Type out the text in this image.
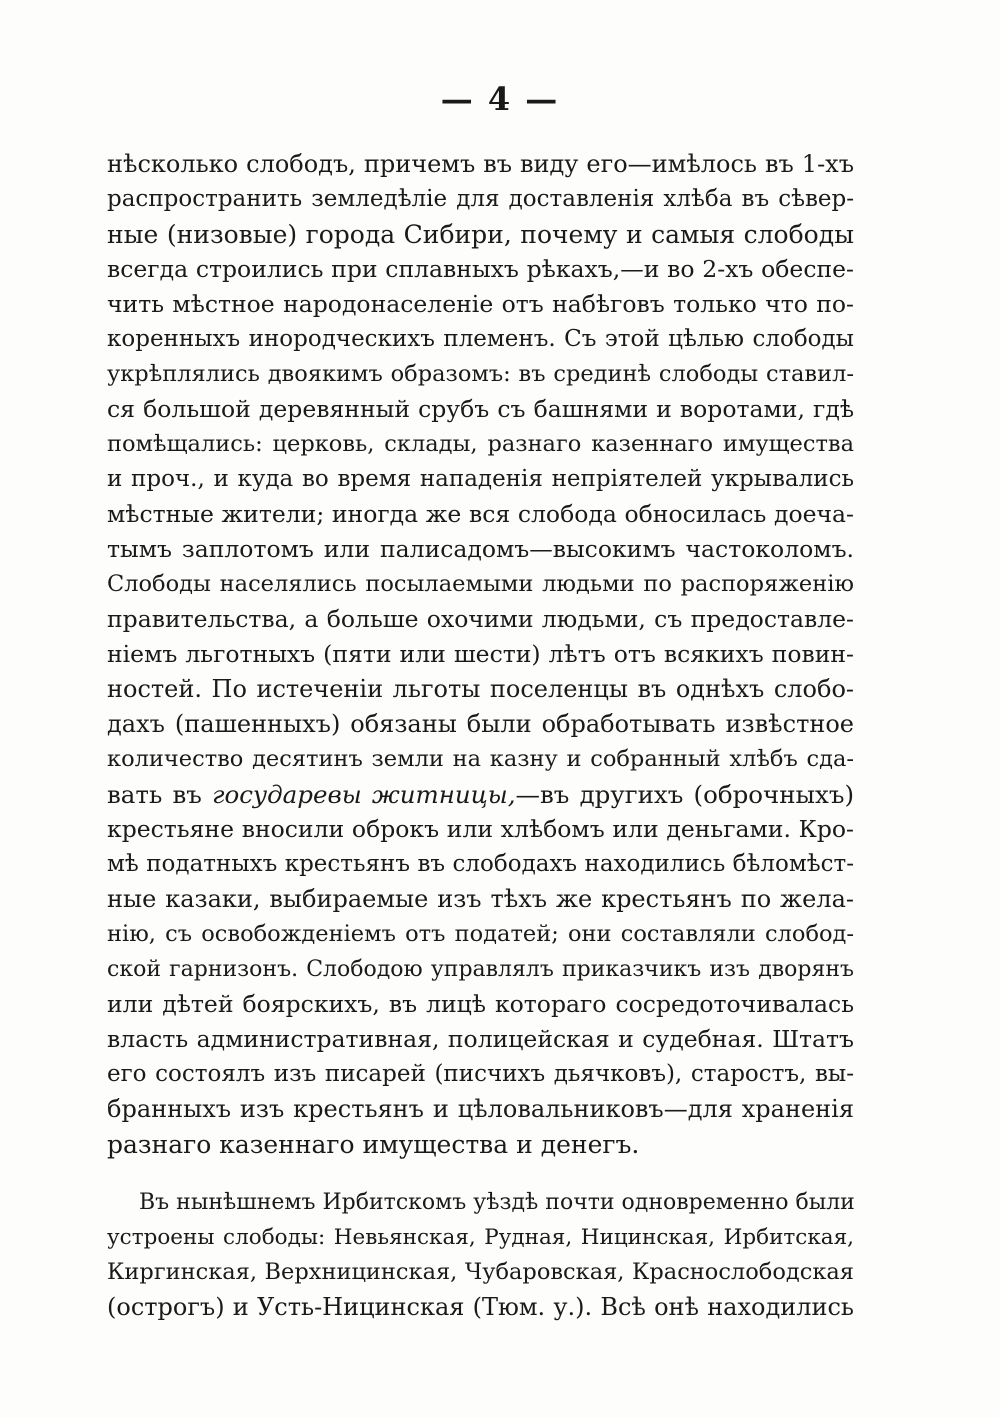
— 4 —
нѣсколько слободъ, причемъ въ виду его—имѣлось въ 1-хъ
распространить земледѣліе для доставленія хлѣба въ сѣвер-
ные (низовые) города Сибири, почему и самыя слободы
всегда строились при сплавныхъ рѣкахъ,—и во 2-хъ обеспе-
чить мѣстное народонаселеніе отъ набѣговъ только что по-
коренныхъ инородческихъ племенъ. Съ этой цѣлью слободы
укрѣплялись двоякимъ образомъ: въ срединѣ слободы ставил-
ся большой деревянный срубъ съ башнями и воротами, гдѣ
помѣщались: церковь, склады, разнаго казеннаго имущества
и проч., и куда во время нападенія непріятелей укрывались
мѣстные жители; иногда же вся слобода обносилась доеча-
тымъ заплотомъ или палисадомъ—высокимъ частоколомъ.
Слободы населялись посылаемыми людьми по распоряженію
правительства, а больше охочими людьми, съ предоставле-
ніемъ льготныхъ (пяти или шести) лѣтъ отъ всякихъ повин-
ностей. По истеченіи льготы поселенцы въ однѣхъ слобо-
дахъ (пашенныхъ) обязаны были обработывать извѣстное
количество десятинъ земли на казну и собранный хлѣбъ сда-
вать въ государевы житницы,—въ другихъ (оброчныхъ)
крестьяне вносили оброкъ или хлѣбомъ или деньгами. Кро-
мѣ податныхъ крестьянъ въ слободахъ находились бѣломѣст-
ные казаки, выбираемые изъ тѣхъ же крестьянъ по жела-
нію, съ освобожденіемъ отъ податей; они составляли слобод-
ской гарнизонъ. Слободою управлялъ приказчикъ изъ дворянъ
или дѣтей боярскихъ, въ лицѣ котораго сосредоточивалась
власть административная, полицейская и судебная. Штатъ
его состоялъ изъ писарей (писчихъ дьячковъ), старостъ, вы-
бранныхъ изъ крестьянъ и цѣловальниковъ—для храненія
разнаго казеннаго имущества и денегъ.
Въ нынѣшнемъ Ирбитскомъ уѣздѣ почти одновременно были
устроены слободы: Невьянская, Рудная, Ницинская, Ирбитская,
Киргинская, Верхницинская, Чубаровская, Краснослободская
(острогъ) и Усть-Ницинская (Тюм. у.). Всѣ онѣ находились
